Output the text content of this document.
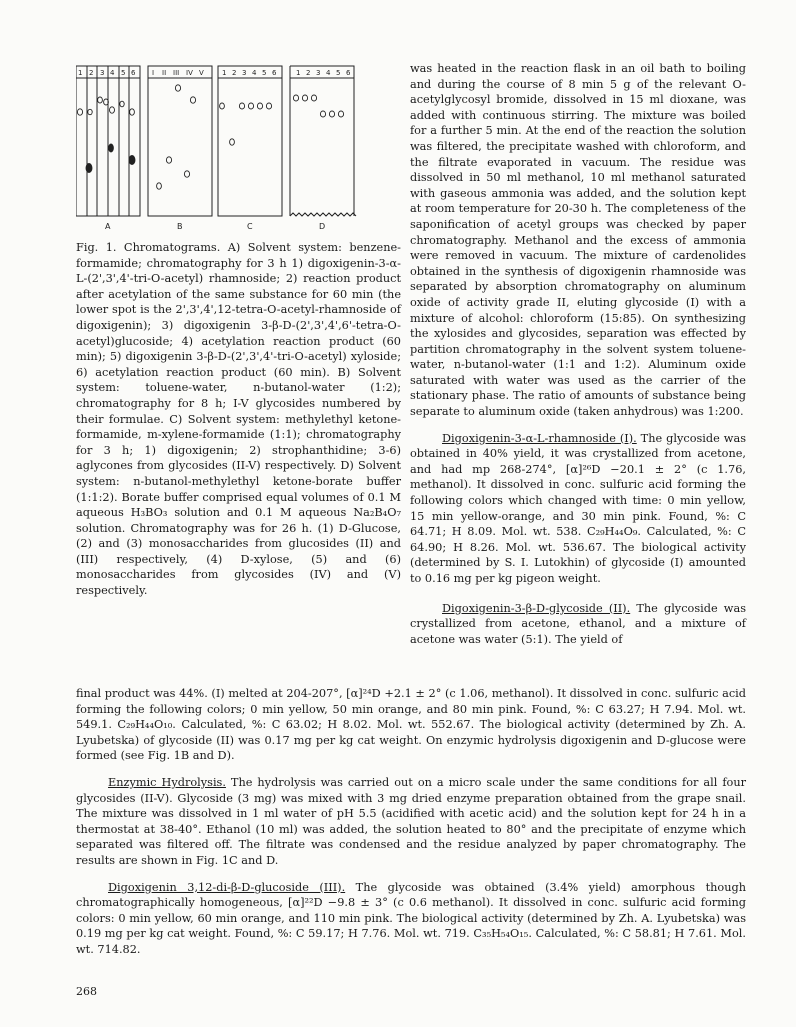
1 2 3 4 5 6 I II III IV V	1 2 3 4 5 6	1 2 3 4 5 6
A	B	C	D

Fig. 1. Chromatograms. A) Solvent system: benzene-formamide; chromatography for 3 h 1) digoxigenin-3-α-L-(2',3',4'-tri-O-acetyl) rhamnoside; 2) reaction product after acetylation of the same substance for 60 min (the lower spot is the 2',3',4',12-tetra-O-acetyl-rhamnoside of digoxigenin); 3) digoxigenin 3-β-D-(2',3',4',6'-tetra-O-acetyl)glucoside; 4) acetylation reaction product (60 min); 5) digoxigenin 3-β-D-(2',3',4'-tri-O-acetyl) xyloside; 6) acetylation reaction product (60 min). B) Solvent system: toluene-water, n-butanol-water (1:2); chromatography for 8 h; I-V glycosides numbered by their formulae. C) Solvent system: methylethyl ketone-formamide, m-xylene-formamide (1:1); chromatography for 3 h; 1) digoxigenin; 2) strophanthidine; 3-6) aglycones from glycosides (II-V) respectively. D) Solvent system: n-butanol-methylethyl ketone-borate buffer (1:1:2). Borate buffer comprised equal volumes of 0.1 M aqueous H₃BO₃ solution and 0.1 M aqueous Na₂B₄O₇ solution. Chromatography was for 26 h. (1) D-Glucose, (2) and (3) monosaccharides from glucosides (II) and (III) respectively, (4) D-xylose, (5) and (6) monosaccharides from glycosides (IV) and (V) respectively.

was heated in the reaction flask in an oil bath to boiling and during the course of 8 min 5 g of the relevant O-acetylglycosyl bromide, dissolved in 15 ml dioxane, was added with continuous stirring. The mixture was boiled for a further 5 min. At the end of the reaction the solution was filtered, the precipitate washed with chloroform, and the filtrate evaporated in vacuum. The residue was dissolved in 50 ml methanol, 10 ml methanol saturated with gaseous ammonia was added, and the solution kept at room temperature for 20-30 h. The completeness of the saponification of acetyl groups was checked by paper chromatography. Methanol and the excess of ammonia were removed in vacuum. The mixture of cardenolides obtained in the synthesis of digoxigenin rhamnoside was separated by absorption chromatography on aluminum oxide of activity grade II, eluting glycoside (I) with a mixture of alcohol: chloroform (15:85). On synthesizing the xylosides and glycosides, separation was effected by partition chromatography in the solvent system toluene-water, n-butanol-water (1:1 and 1:2). Aluminum oxide saturated with water was used as the carrier of the stationary phase. The ratio of amounts of substance being separate to aluminum oxide (taken anhydrous) was 1:200.

Digoxigenin-3-α-L-rhamnoside (I). The glycoside was obtained in 40% yield, it was crystallized from acetone, and had mp 268-274°, [α]²⁶D −20.1 ± 2° (c 1.76, methanol). It dissolved in conc. sulfuric acid forming the following colors which changed with time: 0 min yellow, 15 min yellow-orange, and 30 min pink. Found, %: C 64.71; H 8.09. Mol. wt. 538. C₂₉H₄₄O₉. Calculated, %: C 64.90; H 8.26. Mol. wt. 536.67. The biological activity (determined by S. I. Lutokhin) of glycoside (I) amounted to 0.16 mg per kg pigeon weight.

Digoxigenin-3-β-D-glycoside (II). The glycoside was crystallized from acetone, ethanol, and a mixture of acetone was water (5:1). The yield of

final product was 44%. (I) melted at 204-207°, [α]²⁴D +2.1 ± 2° (c 1.06, methanol). It dissolved in conc. sulfuric acid forming the following colors; 0 min yellow, 50 min orange, and 80 min pink. Found, %: C 63.27; H 7.94. Mol. wt. 549.1. C₂₉H₄₄O₁₀. Calculated, %: C 63.02; H 8.02. Mol. wt. 552.67. The biological activity (determined by Zh. A. Lyubetska) of glycoside (II) was 0.17 mg per kg cat weight. On enzymic hydrolysis digoxigenin and D-glucose were formed (see Fig. 1B and D).

Enzymic Hydrolysis. The hydrolysis was carried out on a micro scale under the same conditions for all four glycosides (II-V). Glycoside (3 mg) was mixed with 3 mg dried enzyme preparation obtained from the grape snail. The mixture was dissolved in 1 ml water of pH 5.5 (acidified with acetic acid) and the solution kept for 24 h in a thermostat at 38-40°. Ethanol (10 ml) was added, the solution heated to 80° and the precipitate of enzyme which separated was filtered off. The filtrate was condensed and the residue analyzed by paper chromatography. The results are shown in Fig. 1C and D.

Digoxigenin 3,12-di-β-D-glucoside (III). The glycoside was obtained (3.4% yield) amorphous though chromatographically homogeneous, [α]²²D −9.8 ± 3° (c 0.6 methanol). It dissolved in conc. sulfuric acid forming colors: 0 min yellow, 60 min orange, and 110 min pink. The biological activity (determined by Zh. A. Lyubetska) was 0.19 mg per kg cat weight. Found, %: C 59.17; H 7.76. Mol. wt. 719. C₃₅H₅₄O₁₅. Calculated, %: C 58.81; H 7.61. Mol. wt. 714.82.

268
